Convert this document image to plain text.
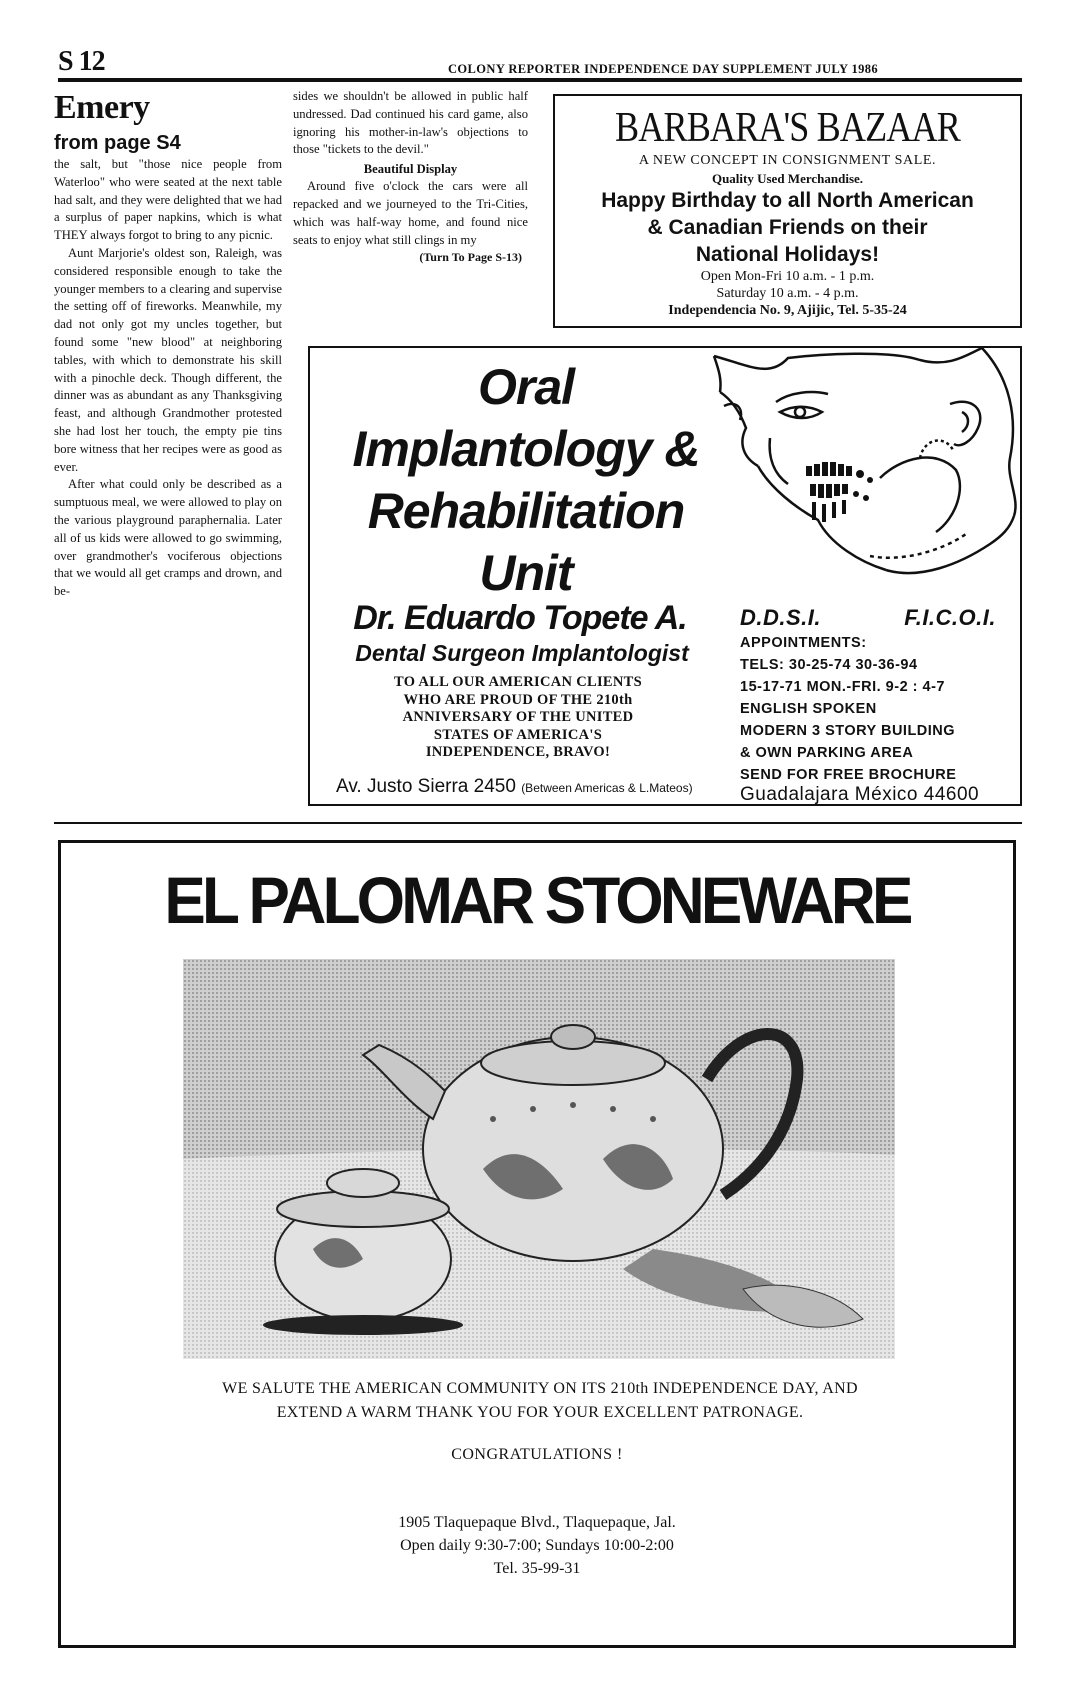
S 12	COLONY REPORTER INDEPENDENCE DAY SUPPLEMENT JULY 1986
Emery
from page S4

the salt, but "those nice people from Waterloo" who were seated at the next table had salt, and they were delighted that we had a surplus of paper napkins, which is what THEY always forgot to bring to any picnic.

Aunt Marjorie's oldest son, Raleigh, was considered responsible enough to take the younger members to a clearing and supervise the setting off of fireworks. Meanwhile, my dad not only got my uncles together, but found some "new blood" at neighboring tables, with which to demonstrate his skill with a pinochle deck. Though different, the dinner was as abundant as any Thanksgiving feast, and although Grandmother protested she had lost her touch, the empty pie tins bore witness that her recipes were as good as ever.

After what could only be described as a sumptuous meal, we were allowed to play on the various playground paraphernalia. Later all of us kids were allowed to go swimming, over grandmother's vociferous objections that we would all get cramps and drown, and be-

sides we shouldn't be allowed in public half undressed. Dad continued his card game, also ignoring his mother-in-law's objections to those "tickets to the devil."

Beautiful Display

Around five o'clock the cars were all repacked and we journeyed to the Tri-Cities, which was half-way home, and found nice seats to enjoy what still clings in my

(Turn To Page S-13)
BARBARA'S BAZAAR
A NEW CONCEPT IN CONSIGNMENT SALE.
Quality Used Merchandise.
Happy Birthday to all North American
& Canadian Friends on their
National Holidays!
Open Mon-Fri 10 a.m. - 1 p.m.
Saturday 10 a.m. - 4 p.m.
Independencia No. 9, Ajijic, Tel. 5-35-24
Oral
Implantology &
Rehabilitation
Unit
Dr. Eduardo Topete A.
Dental Surgeon Implantologist
TO ALL OUR AMERICAN CLIENTS
WHO ARE PROUD OF THE 210th
ANNIVERSARY OF THE UNITED
STATES OF AMERICA'S
INDEPENDENCE, BRAVO!
Av. Justo Sierra 2450 (Between Americas & L.Mateos)
D.D.S.I.	F.I.C.O.I.
APPOINTMENTS:
TELS: 30-25-74 30-36-94
15-17-71 MON.-FRI. 9-2 : 4-7
ENGLISH SPOKEN
MODERN 3 STORY BUILDING
& OWN PARKING AREA
SEND FOR FREE BROCHURE
Guadalajara México 44600
EL PALOMAR STONEWARE
WE SALUTE THE AMERICAN COMMUNITY ON ITS 210th INDEPENDENCE DAY, AND
EXTEND A WARM THANK YOU FOR YOUR EXCELLENT PATRONAGE.
CONGRATULATIONS !
1905 Tlaquepaque Blvd., Tlaquepaque, Jal.
Open daily 9:30-7:00; Sundays 10:00-2:00
Tel. 35-99-31
